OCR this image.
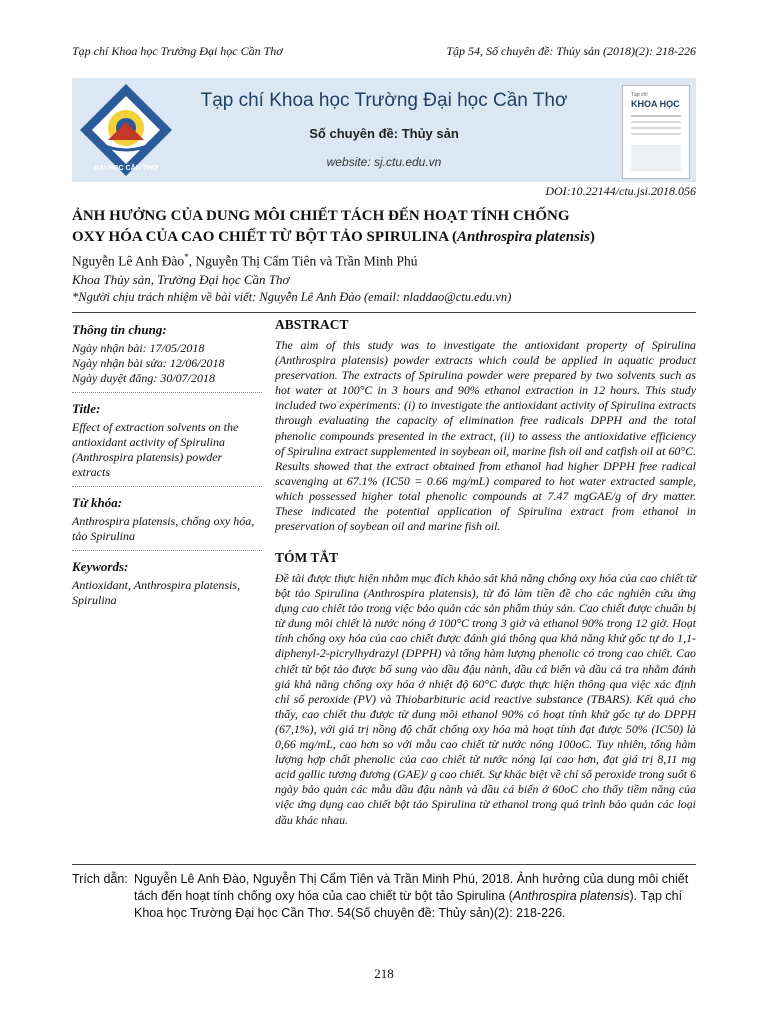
Tạp chí Khoa học Trường Đại học Cần Thơ	Tập 54, Số chuyên đề: Thủy sản (2018)(2): 218-226
ĐẠI HỌC CẦN THƠ
Tạp chí Khoa học Trường Đại học Cần Thơ
Số chuyên đề: Thủy sản
website: sj.ctu.edu.vn
Tạp chí
KHOA HỌC
DOI:10.22144/ctu.jsi.2018.056
ẢNH HƯỞNG CỦA DUNG MÔI CHIẾT TÁCH ĐẾN HOẠT TÍNH CHỐNG
OXY HÓA CỦA CAO CHIẾT TỪ BỘT TẢO SPIRULINA (Anthrospira platensis)
Nguyễn Lê Anh Đào*, Nguyễn Thị Cẩm Tiên và Trần Minh Phú
Khoa Thủy sản, Trường Đại học Cần Thơ
*Người chịu trách nhiệm về bài viết: Nguyễn Lê Anh Đào (email: nladdao@ctu.edu.vn)
Thông tin chung:
Ngày nhận bài: 17/05/2018
Ngày nhận bài sửa: 12/06/2018
Ngày duyệt đăng: 30/07/2018
Title:
Effect of extraction solvents on the antioxidant activity of Spirulina (Anthrospira platensis) powder extracts
Từ khóa:
Anthrospira platensis, chống oxy hóa, tảo Spirulina
Keywords:
Antioxidant, Anthrospira platensis, Spirulina
ABSTRACT
The aim of this study was to investigate the antioxidant property of Spirulina (Anthrospira platensis) powder extracts which could be applied in aquatic product preservation. The extracts of Spirulina powder were prepared by two solvents such as hot water at 100°C in 3 hours and 90% ethanol extraction in 12 hours. This study included two experiments: (i) to investigate the antioxidant activity of Spirulina extracts through evaluating the capacity of elimination free radicals DPPH and the total phenolic compounds presented in the extract, (ii) to assess the antioxidative efficiency of Spirulina extract supplemented in soybean oil, marine fish oil and catfish oil at 60°C. Results showed that the extract obtained from ethanol had higher DPPH free radical scavenging at 67.1% (IC50 = 0.66 mg/mL) compared to hot water extracted sample, which possessed higher total phenolic compounds at 7.47 mgGAE/g of dry matter. These indicated the potential application of Spirulina extract from ethanol in preservation of soybean oil and marine fish oil.
TÓM TẮT
Đề tài được thực hiện nhằm mục đích khảo sát khả năng chống oxy hóa của cao chiết từ bột tảo Spirulina (Anthrospira platensis), từ đó làm tiền đề cho các nghiên cứu ứng dụng cao chiết tảo trong việc bảo quản các sản phẩm thủy sản. Cao chiết được chuẩn bị từ dung môi chiết là nước nóng ở 100°C trong 3 giờ và ethanol 90% trong 12 giờ. Hoạt tính chống oxy hóa của cao chiết được đánh giá thông qua khả năng khử gốc tự do 1,1-diphenyl-2-picrylhydrazyl (DPPH) và tổng hàm lượng phenolic có trong cao chiết. Cao chiết từ bột tảo được bổ sung vào dầu đậu nành, dầu cá biển và dầu cá tra nhằm đánh giá khả năng chống oxy hóa ở nhiệt độ 60°C được thực hiện thông qua việc xác định chỉ số peroxide (PV) và Thiobarbituric acid reactive substance (TBARS). Kết quả cho thấy, cao chiết thu được từ dung môi ethanol 90% có hoạt tính khử gốc tự do DPPH (67,1%), với giá trị nồng độ chất chống oxy hóa mà hoạt tính đạt được 50% (IC50) là 0,66 mg/mL, cao hơn so với mẫu cao chiết từ nước nóng 100oC. Tuy nhiên, tổng hàm lượng hợp chất phenolic của cao chiết từ nước nóng lại cao hơn, đạt giá trị 8,11 mg acid gallic tương đương (GAE)/ g cao chiết. Sự khác biệt về chỉ số peroxide trong suốt 6 ngày bảo quản các mẫu dầu đậu nành và dầu cá biển ở 60oC cho thấy tiềm năng của việc ứng dụng cao chiết bột tảo Spirulina từ ethanol trong quá trình bảo quản các loại dầu khác nhau.
Trích dẫn: Nguyễn Lê Anh Đào, Nguyễn Thị Cẩm Tiên và Trần Minh Phú, 2018. Ảnh hưởng của dung môi chiết tách đến hoạt tính chống oxy hóa của cao chiết từ bột tảo Spirulina (Anthrospira platensis). Tạp chí Khoa học Trường Đại học Cần Thơ. 54(Số chuyên đề: Thủy sản)(2): 218-226.
218
